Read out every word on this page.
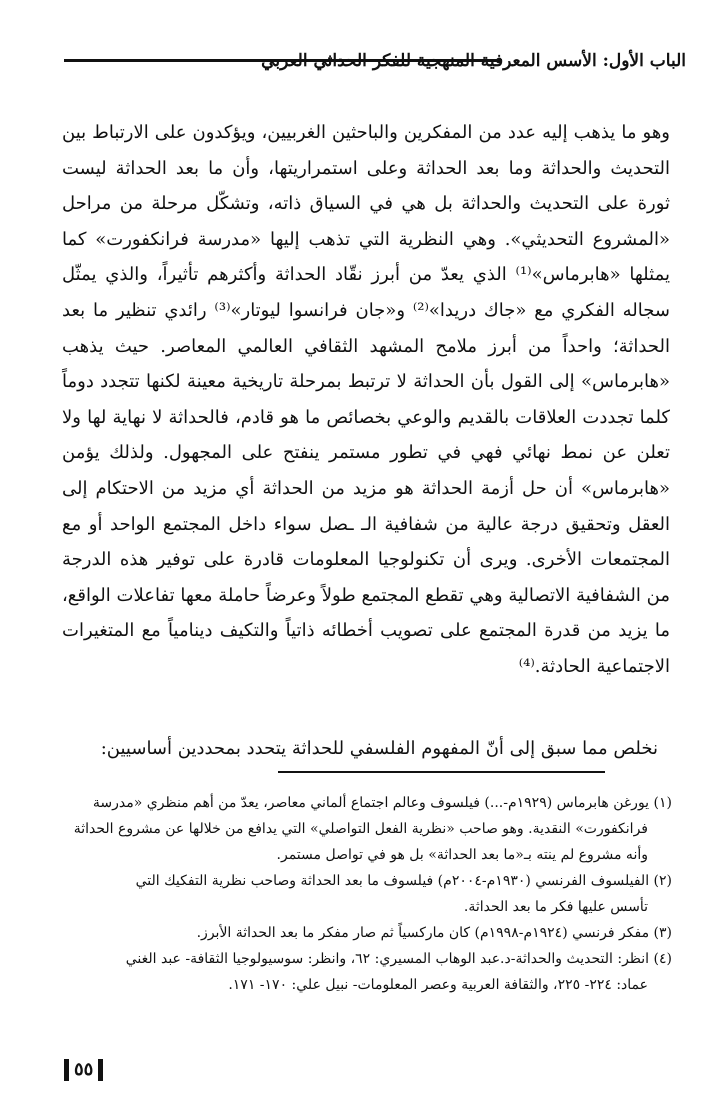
الباب الأول: الأسس المعرفية المنهجية للفكر الحداثي العربي
وهو ما يذهب إليه عدد من المفكرين والباحثين الغربيين، ويؤكدون على الارتباط بين التحديث والحداثة وما بعد الحداثة وعلى استمراريتها، وأن ما بعد الحداثة ليست ثورة على التحديث والحداثة بل هي في السياق ذاته، وتشكّل مرحلة من مراحل «المشروع التحديثي». وهي النظرية التي تذهب إليها «مدرسة فرانكفورت» كما يمثلها «هابرماس»⁽¹⁾ الذي يعدّ من أبرز نقّاد الحداثة وأكثرهم تأثيراً، والذي يمثّل سجاله الفكري مع «جاك دريدا»⁽²⁾ و«جان فرانسوا ليوتار»⁽³⁾ رائدي تنظير ما بعد الحداثة؛ واحداً من أبرز ملامح المشهد الثقافي العالمي المعاصر. حيث يذهب «هابرماس» إلى القول بأن الحداثة لا ترتبط بمرحلة تاريخية معينة لكنها تتجدد دوماً كلما تجددت العلاقات بالقديم والوعي بخصائص ما هو قادم، فالحداثة لا نهاية لها ولا تعلن عن نمط نهائي فهي في تطور مستمر ينفتح على المجهول. ولذلك يؤمن «هابرماس» أن حل أزمة الحداثة هو مزيد من الحداثة أي مزيد من الاحتكام إلى العقل وتحقيق درجة عالية من شفافية الـ ـصل سواء داخل المجتمع الواحد أو مع المجتمعات الأخرى. ويرى أن تكنولوجيا المعلومات قادرة على توفير هذه الدرجة من الشفافية الاتصالية وهي تقطع المجتمع طولاً وعرضاً حاملة معها تفاعلات الواقع، ما يزيد من قدرة المجتمع على تصويب أخطائه ذاتياً والتكيف دينامياً مع المتغيرات الاجتماعية الحادثة.⁽⁴⁾
نخلص مما سبق إلى أنّ المفهوم الفلسفي للحداثة يتحدد بمحددين أساسيين:
(١) يورغن هابرماس (١٩٢٩م-...) فيلسوف وعالم اجتماع ألماني معاصر، يعدّ من أهم منظري «مدرسة
فرانكفورت» النقدية. وهو صاحب «نظرية الفعل التواصلي» التي يدافع من خلالها عن مشروع الحداثة وأنه مشروع لم ينته بـ«ما بعد الحداثة» بل هو في تواصل مستمر.
(٢) الفيلسوف الفرنسي (١٩٣٠م-٢٠٠٤م) فيلسوف ما بعد الحداثة وصاحب نظرية التفكيك التي
تأسس عليها فكر ما بعد الحداثة.
(٣) مفكر فرنسي (١٩٢٤م-١٩٩٨م) كان ماركسياً ثم صار مفكر ما بعد الحداثة الأبرز.
(٤) انظر: التحديث والحداثة-د.عبد الوهاب المسيري: ٦٢، وانظر: سوسيولوجيا الثقافة- عبد الغني
عماد: ٢٢٤- ٢٢٥، والثقافة العربية وعصر المعلومات- نبيل علي: ١٧٠- ١٧١.
٥٥
